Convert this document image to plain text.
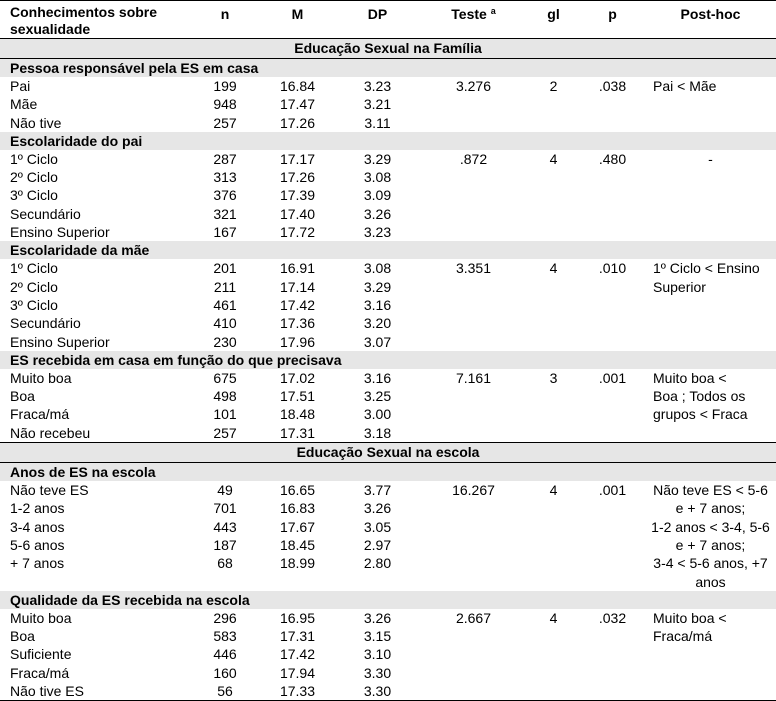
Conhecimentos sobre
sexualidade	n	M	DP	Teste $^a$	gl	p	Post-hoc
Educação Sexual na Família							
Pessoa responsável pela ES em casa							
Pai	199	16.84	3.23	3.276	2	.038	Pai < Mãe
Mãe	948	17.47	3.21				
Não tive	257	17.26	3.11				
Escolaridade do pai							
1º Ciclo	287	17.17	3.29	.872	4	.480	-
2º Ciclo	313	17.26	3.08				
3º Ciclo	376	17.39	3.09				
Secundário	321	17.40	3.26				
Ensino Superior	167	17.72	3.23				
Escolaridade da mãe							
1º Ciclo	201	16.91	3.08	3.351	4	.010	1º Ciclo < Ensino
2º Ciclo	211	17.14	3.29				Superior
3º Ciclo	461	17.42	3.16				
Secundário	410	17.36	3.20				
Ensino Superior	230	17.96	3.07				
ES recebida em casa em função do que precisava							
Muito boa	675	17.02	3.16	7.161	3	.001	Muito boa <
Boa	498	17.51	3.25				Boa ; Todos os
Fraca/má	101	18.48	3.00				grupos < Fraca
Não recebeu	257	17.31	3.18				
Educação Sexual na escola							
Anos de ES na escola							
Não teve ES	49	16.65	3.77	16.267	4	.001	Não teve ES < 5-6
1-2 anos	701	16.83	3.26				e + 7 anos;
3-4 anos	443	17.67	3.05				1-2 anos < 3-4, 5-6
5-6 anos	187	18.45	2.97				e + 7 anos;
+ 7 anos	68	18.99	2.80				3-4 < 5-6 anos, +7
							anos
Qualidade da ES recebida na escola							
Muito boa	296	16.95	3.26	2.667	4	.032	Muito boa <
Boa	583	17.31	3.15				Fraca/má
Suficiente	446	17.42	3.10				
Fraca/má	160	17.94	3.30				
Não tive ES	56	17.33	3.30				
